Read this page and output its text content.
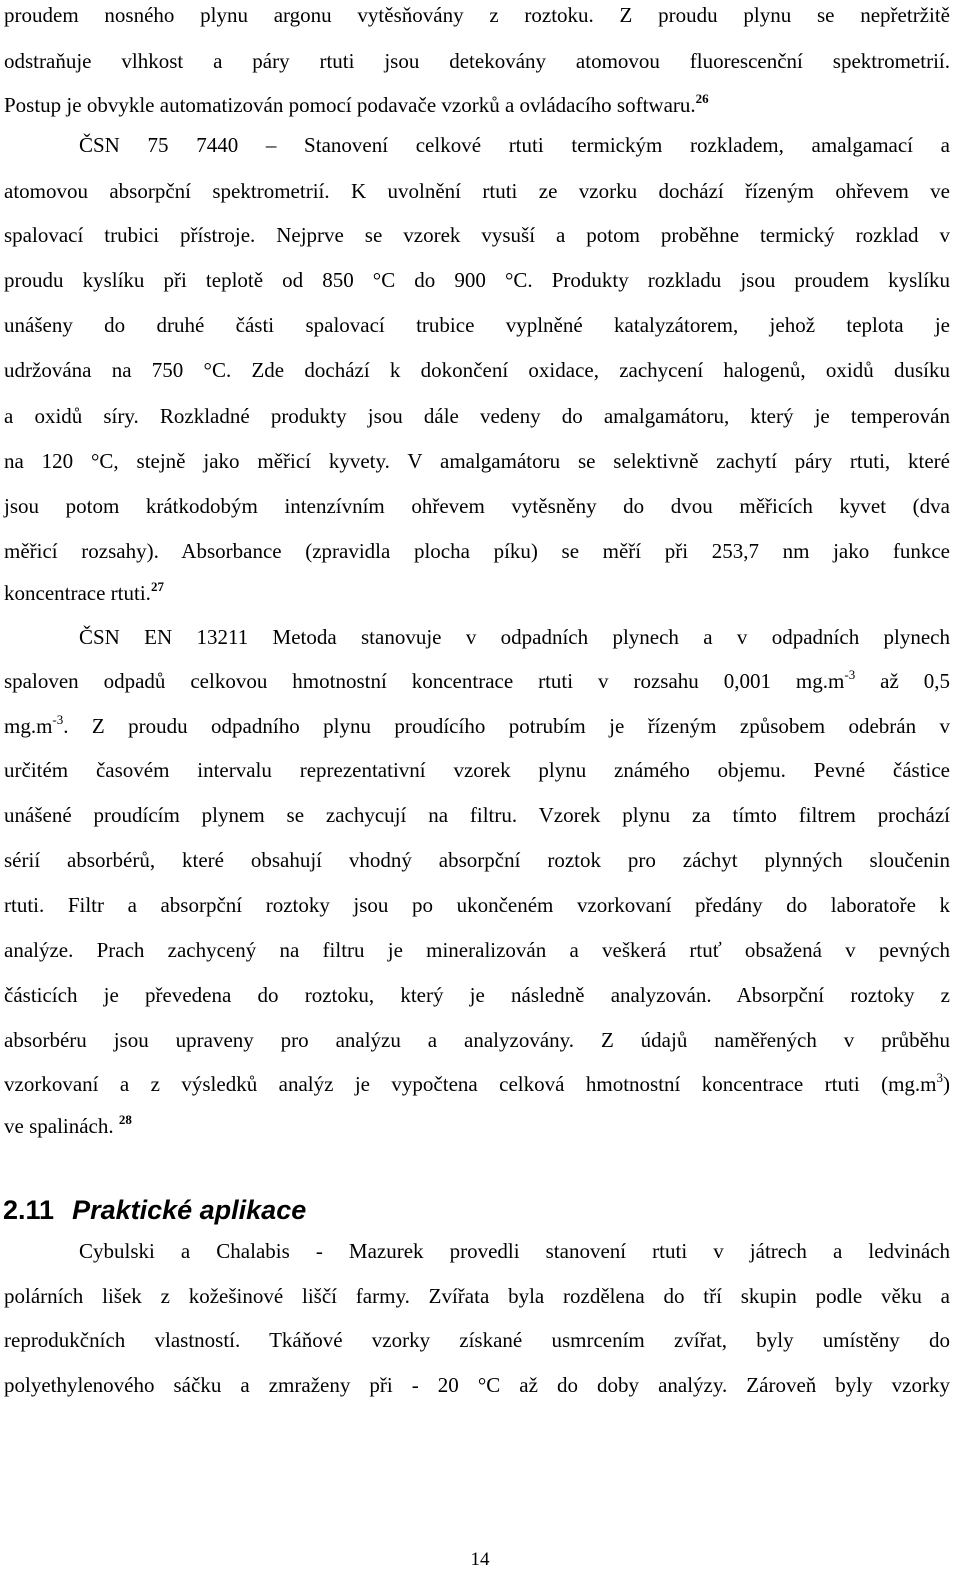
proudem nosného plynu argonu vytěsňovány z roztoku. Z proudu plynu se nepřetržitě
odstraňuje vlhkost a páry rtuti jsou detekovány atomovou fluorescenční spektrometrií.
Postup je obvykle automatizován pomocí podavače vzorků a ovládacího softwaru.$^{26}$
ČSN 75 7440 – Stanovení celkové rtuti termickým rozkladem, amalgamací a
atomovou absorpční spektrometrií. K uvolnění rtuti ze vzorku dochází řízeným ohřevem ve
spalovací trubici přístroje. Nejprve se vzorek vysuší a potom proběhne termický rozklad v
proudu kyslíku při teplotě od 850 °C do 900 °C. Produkty rozkladu jsou proudem kyslíku
unášeny do druhé části spalovací trubice vyplněné katalyzátorem, jehož teplota je
udržována na 750 °C. Zde dochází k dokončení oxidace, zachycení halogenů, oxidů dusíku
a oxidů síry. Rozkladné produkty jsou dále vedeny do amalgamátoru, který je temperován
na 120 °C, stejně jako měřicí kyvety. V amalgamátoru se selektivně zachytí páry rtuti, které
jsou potom krátkodobým intenzívním ohřevem vytěsněny do dvou měřicích kyvet (dva
měřicí rozsahy). Absorbance (zpravidla plocha píku) se měří při 253,7 nm jako funkce
koncentrace rtuti.$^{27}$
ČSN EN 13211 Metoda stanovuje v odpadních plynech a v odpadních plynech
spaloven odpadů celkovou hmotnostní koncentrace rtuti v rozsahu 0,001 $mg.m^{-3}$ až 0,5
$mg.m^{-3}$. Z proudu odpadního plynu proudícího potrubím je řízeným způsobem odebrán v
určitém časovém intervalu reprezentativní vzorek plynu známého objemu. Pevné částice
unášené proudícím plynem se zachycují na filtru. Vzorek plynu za tímto filtrem prochází
sérií absorbérů, které obsahují vhodný absorpční roztok pro záchyt plynných sloučenin
rtuti. Filtr a absorpční roztoky jsou po ukončeném vzorkovaní předány do laboratoře k
analýze. Prach zachycený na filtru je mineralizován a veškerá rtuť obsažená v pevných
částicích je převedena do roztoku, který je následně analyzován. Absorpční roztoky z
absorbéru jsou upraveny pro analýzu a analyzovány. Z údajů naměřených v průběhu
vzorkovaní a z výsledků analýz je vypočtena celková hmotnostní koncentrace rtuti $(mg.m^3)$
ve spalinách. $^{28}$
2.11 Praktické aplikace
Cybulski a Chalabis - Mazurek provedli stanovení rtuti v játrech a ledvinách
polárních lišek z kožešinové liščí farmy. Zvířata byla rozdělena do tří skupin podle věku a
reprodukčních vlastností. Tkáňové vzorky získané usmrcením zvířat, byly umístěny do
polyethylenového sáčku a zmraženy při - 20 °C až do doby analýzy. Zároveň byly vzorky
14
